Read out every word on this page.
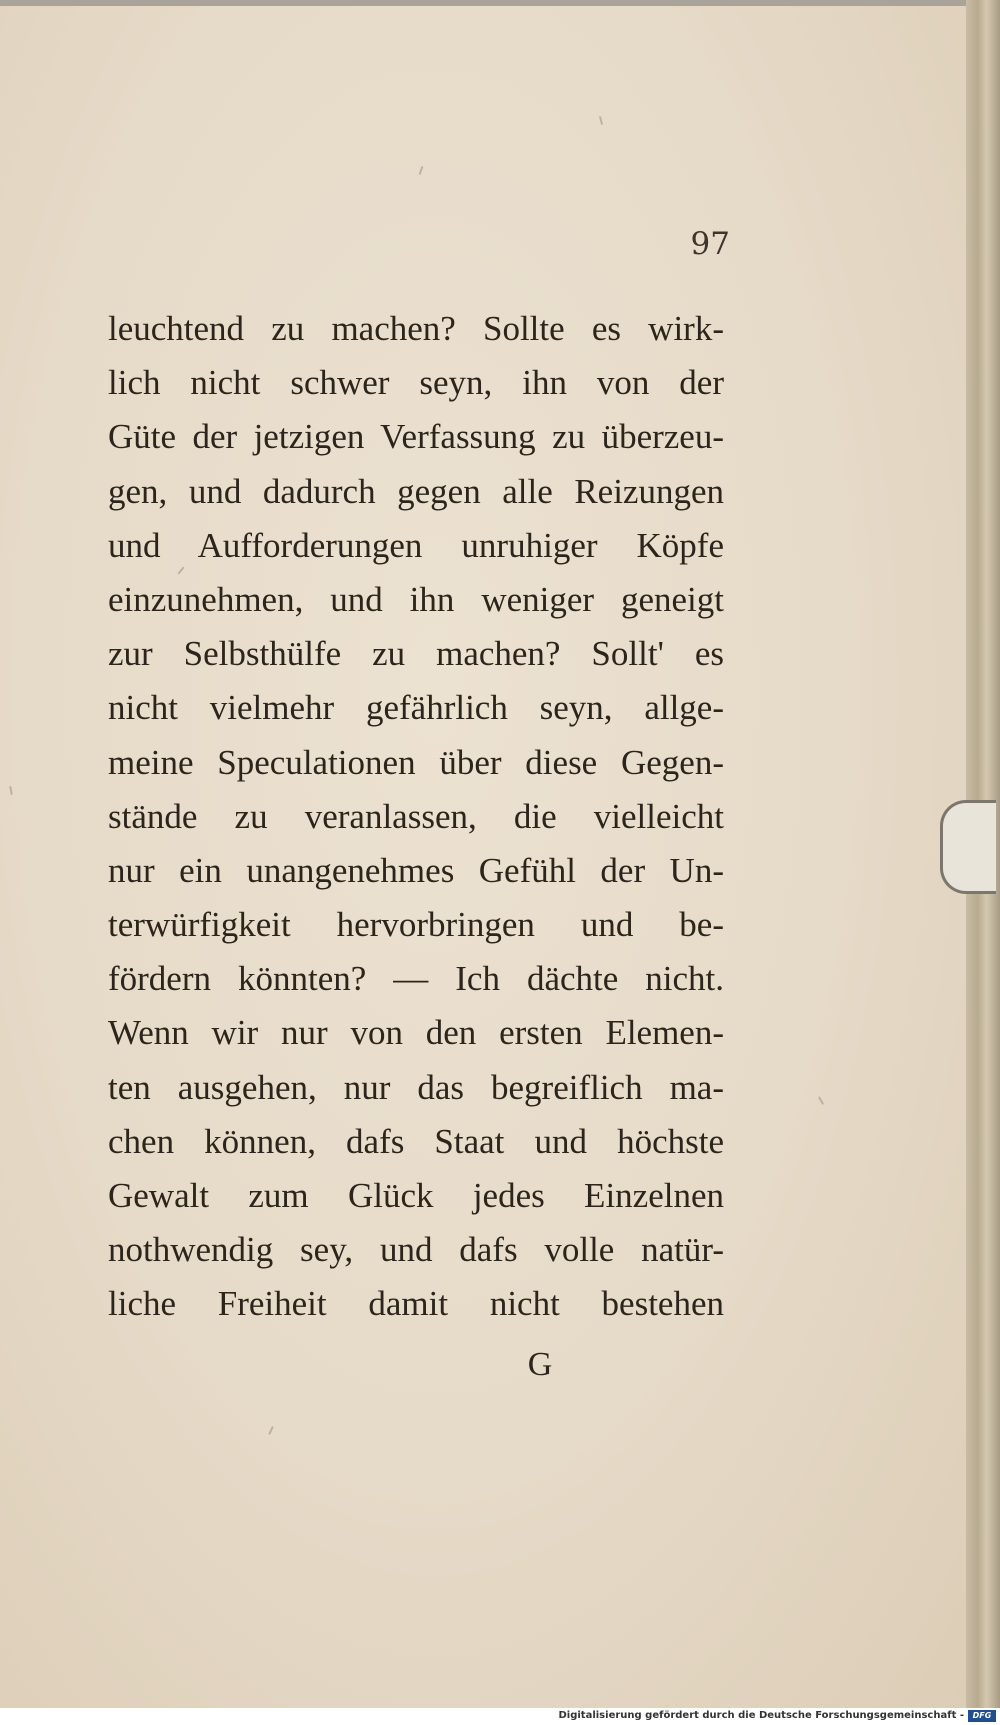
97
leuchtend zu machen? Sollte es wirk-
lich nicht schwer seyn, ihn von der
Güte der jetzigen Verfassung zu überzeu-
gen, und dadurch gegen alle Reizungen
und Aufforderungen unruhiger Köpfe
einzunehmen, und ihn weniger geneigt
zur Selbsthülfe zu machen? Sollt' es
nicht vielmehr gefährlich seyn, allge-
meine Speculationen über diese Gegen-
stände zu veranlassen, die vielleicht
nur ein unangenehmes Gefühl der Un-
terwürfigkeit hervorbringen und be-
fördern könnten? — Ich dächte nicht.
Wenn wir nur von den ersten Elemen-
ten ausgehen, nur das begreiflich ma-
chen können, dafs Staat und höchste
Gewalt zum Glück jedes Einzelnen
nothwendig sey, und dafs volle natür-
liche Freiheit damit nicht bestehen
G
Digitalisierung gefördert durch die Deutsche Forschungsgemeinschaft -	DFG
